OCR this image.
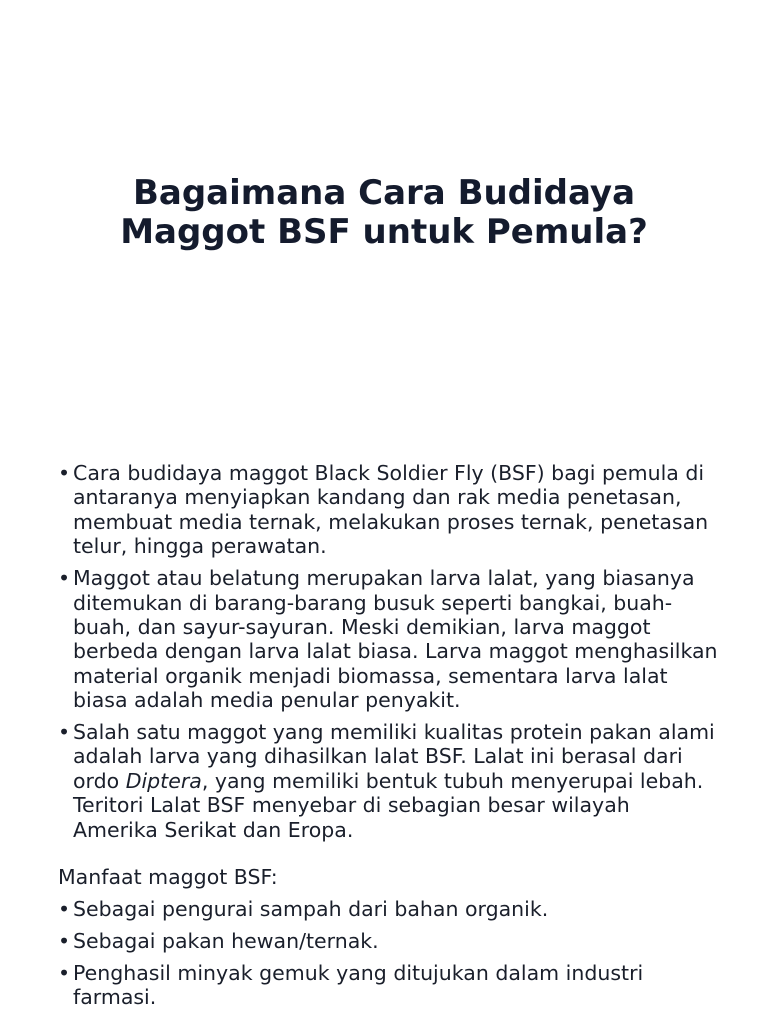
Bagaimana Cara Budidaya
Maggot BSF untuk Pemula?
• Cara budidaya maggot Black Soldier Fly (BSF) bagi pemula di antaranya menyiapkan kandang dan rak media penetasan, membuat media ternak, melakukan proses ternak, penetasan telur, hingga perawatan.
• Maggot atau belatung merupakan larva lalat, yang biasanya ditemukan di barang-barang busuk seperti bangkai, buah-buah, dan sayur-sayuran. Meski demikian, larva maggot berbeda dengan larva lalat biasa. Larva maggot menghasilkan material organik menjadi biomassa, sementara larva lalat biasa adalah media penular penyakit.
• Salah satu maggot yang memiliki kualitas protein pakan alami adalah larva yang dihasilkan lalat BSF. Lalat ini berasal dari ordo Diptera, yang memiliki bentuk tubuh menyerupai lebah. Teritori Lalat BSF menyebar di sebagian besar wilayah Amerika Serikat dan Eropa.
Manfaat maggot BSF:
• Sebagai pengurai sampah dari bahan organik.
• Sebagai pakan hewan/ternak.
• Penghasil minyak gemuk yang ditujukan dalam industri farmasi.
